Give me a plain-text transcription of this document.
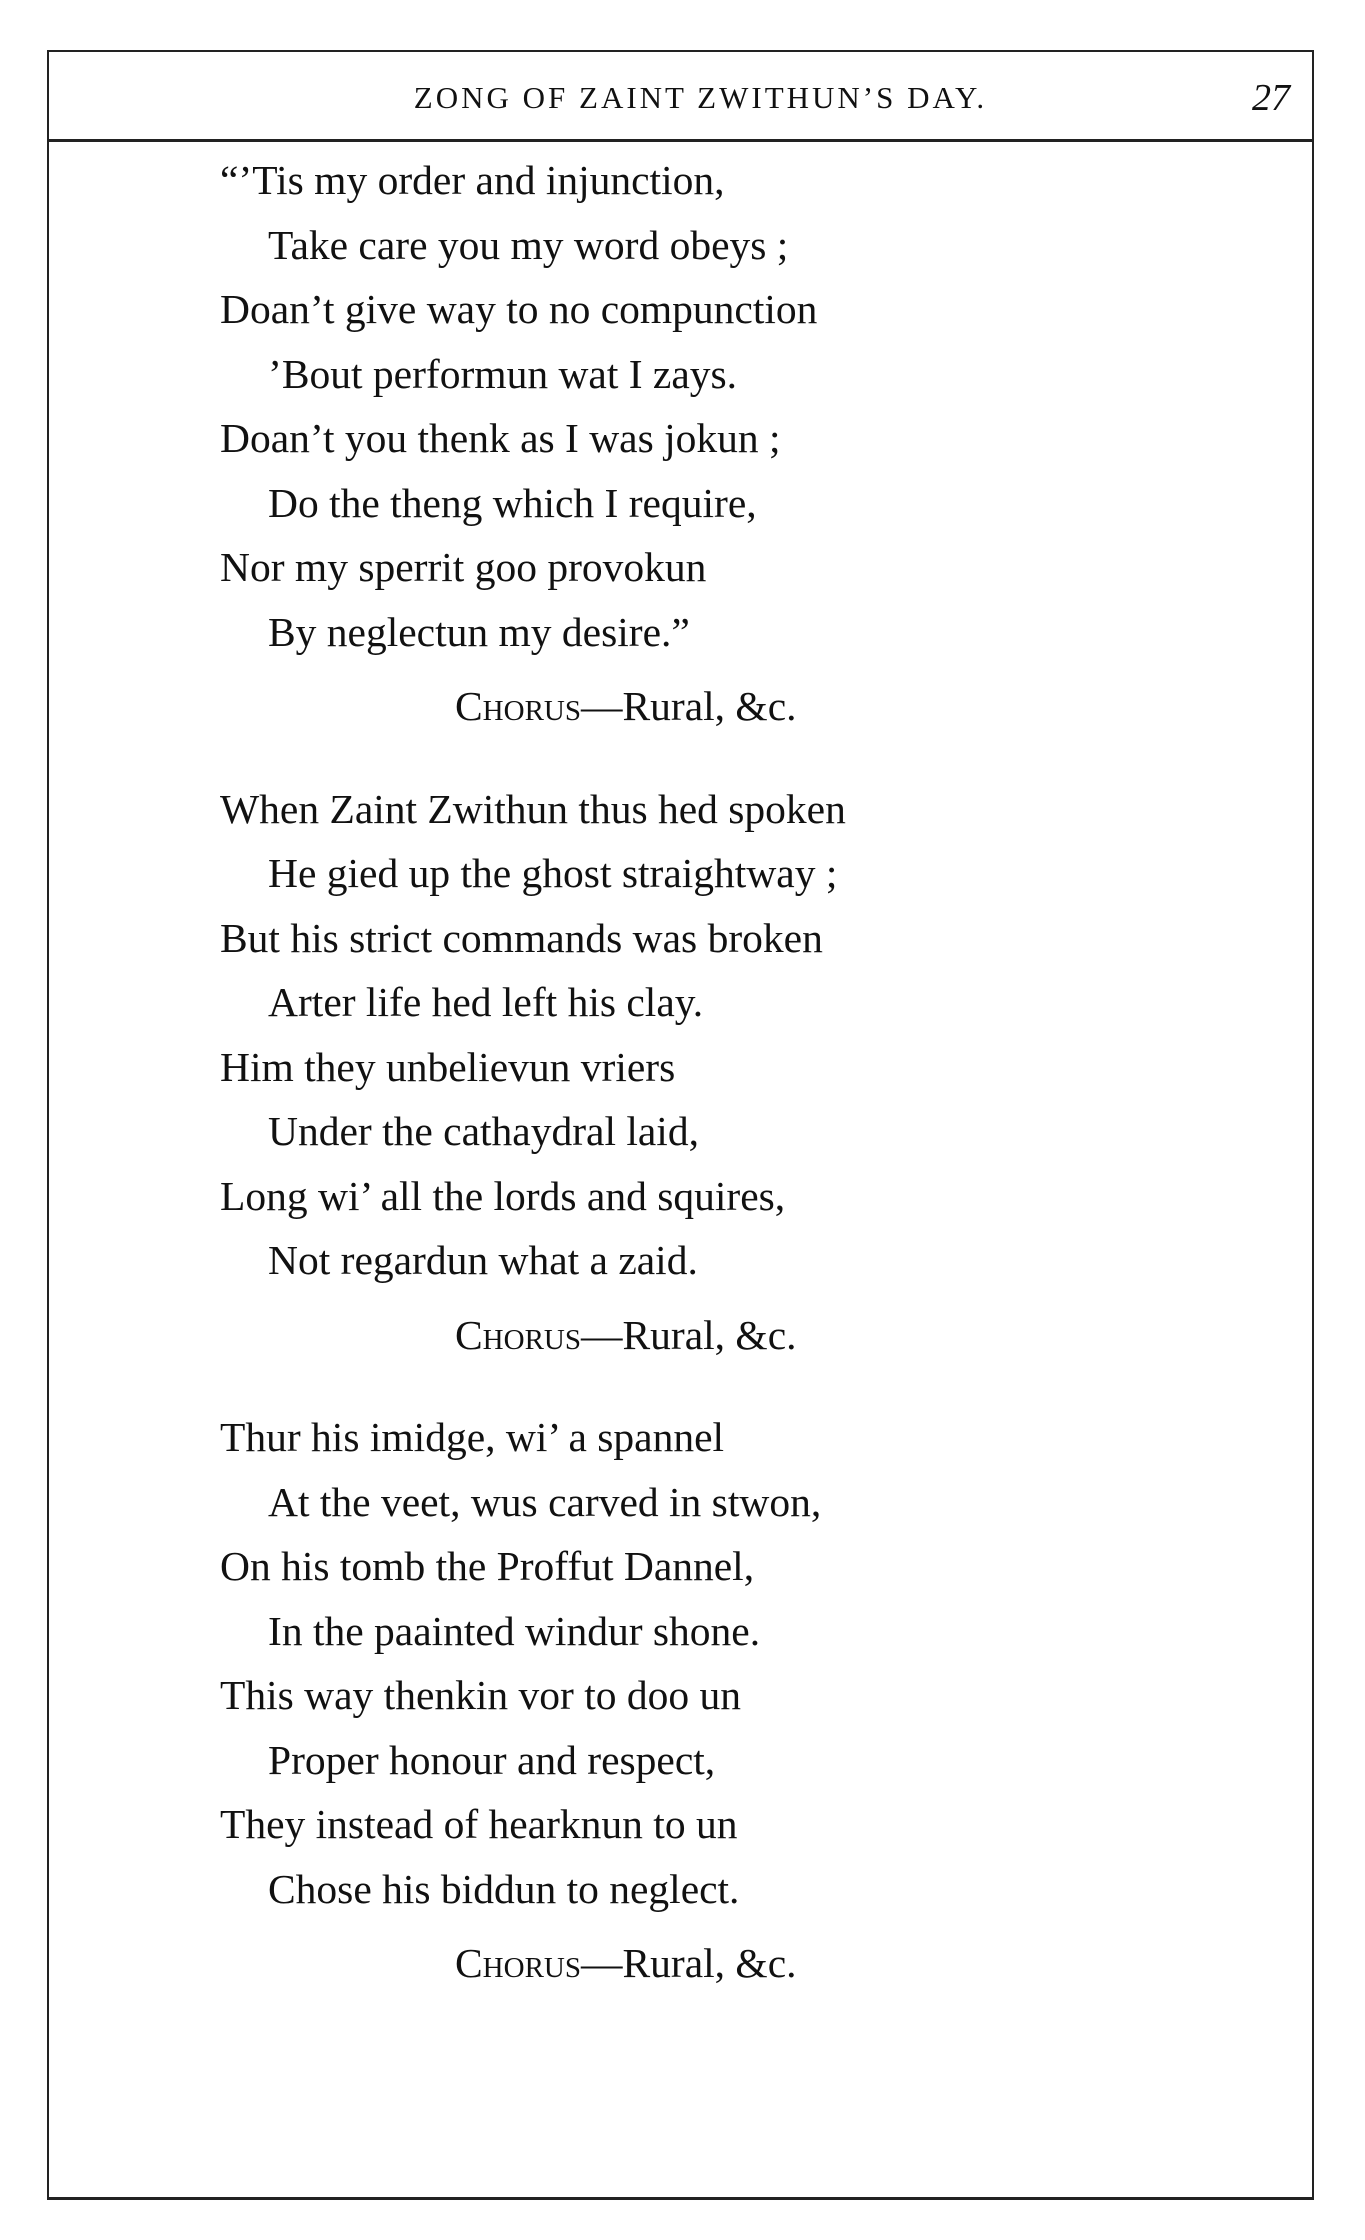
ZONG OF ZAINT ZWITHUN’S DAY.	27
“’Tis my order and injunction,
Take care you my word obeys ;
Doan’t give way to no compunction
’Bout performun wat I zays.
Doan’t you thenk as I was jokun ;
Do the theng which I require,
Nor my sperrit goo provokun
By neglectun my desire.”
Chorus—Rural, &c.
When Zaint Zwithun thus hed spoken
He gied up the ghost straightway ;
But his strict commands was broken
Arter life hed left his clay.
Him they unbelievun vriers
Under the cathaydral laid,
Long wi’ all the lords and squires,
Not regardun what a zaid.
Chorus—Rural, &c.
Thur his imidge, wi’ a spannel
At the veet, wus carved in stwon,
On his tomb the Proffut Dannel,
In the paainted windur shone.
This way thenkin vor to doo un
Proper honour and respect,
They instead of hearknun to un
Chose his biddun to neglect.
Chorus—Rural, &c.
